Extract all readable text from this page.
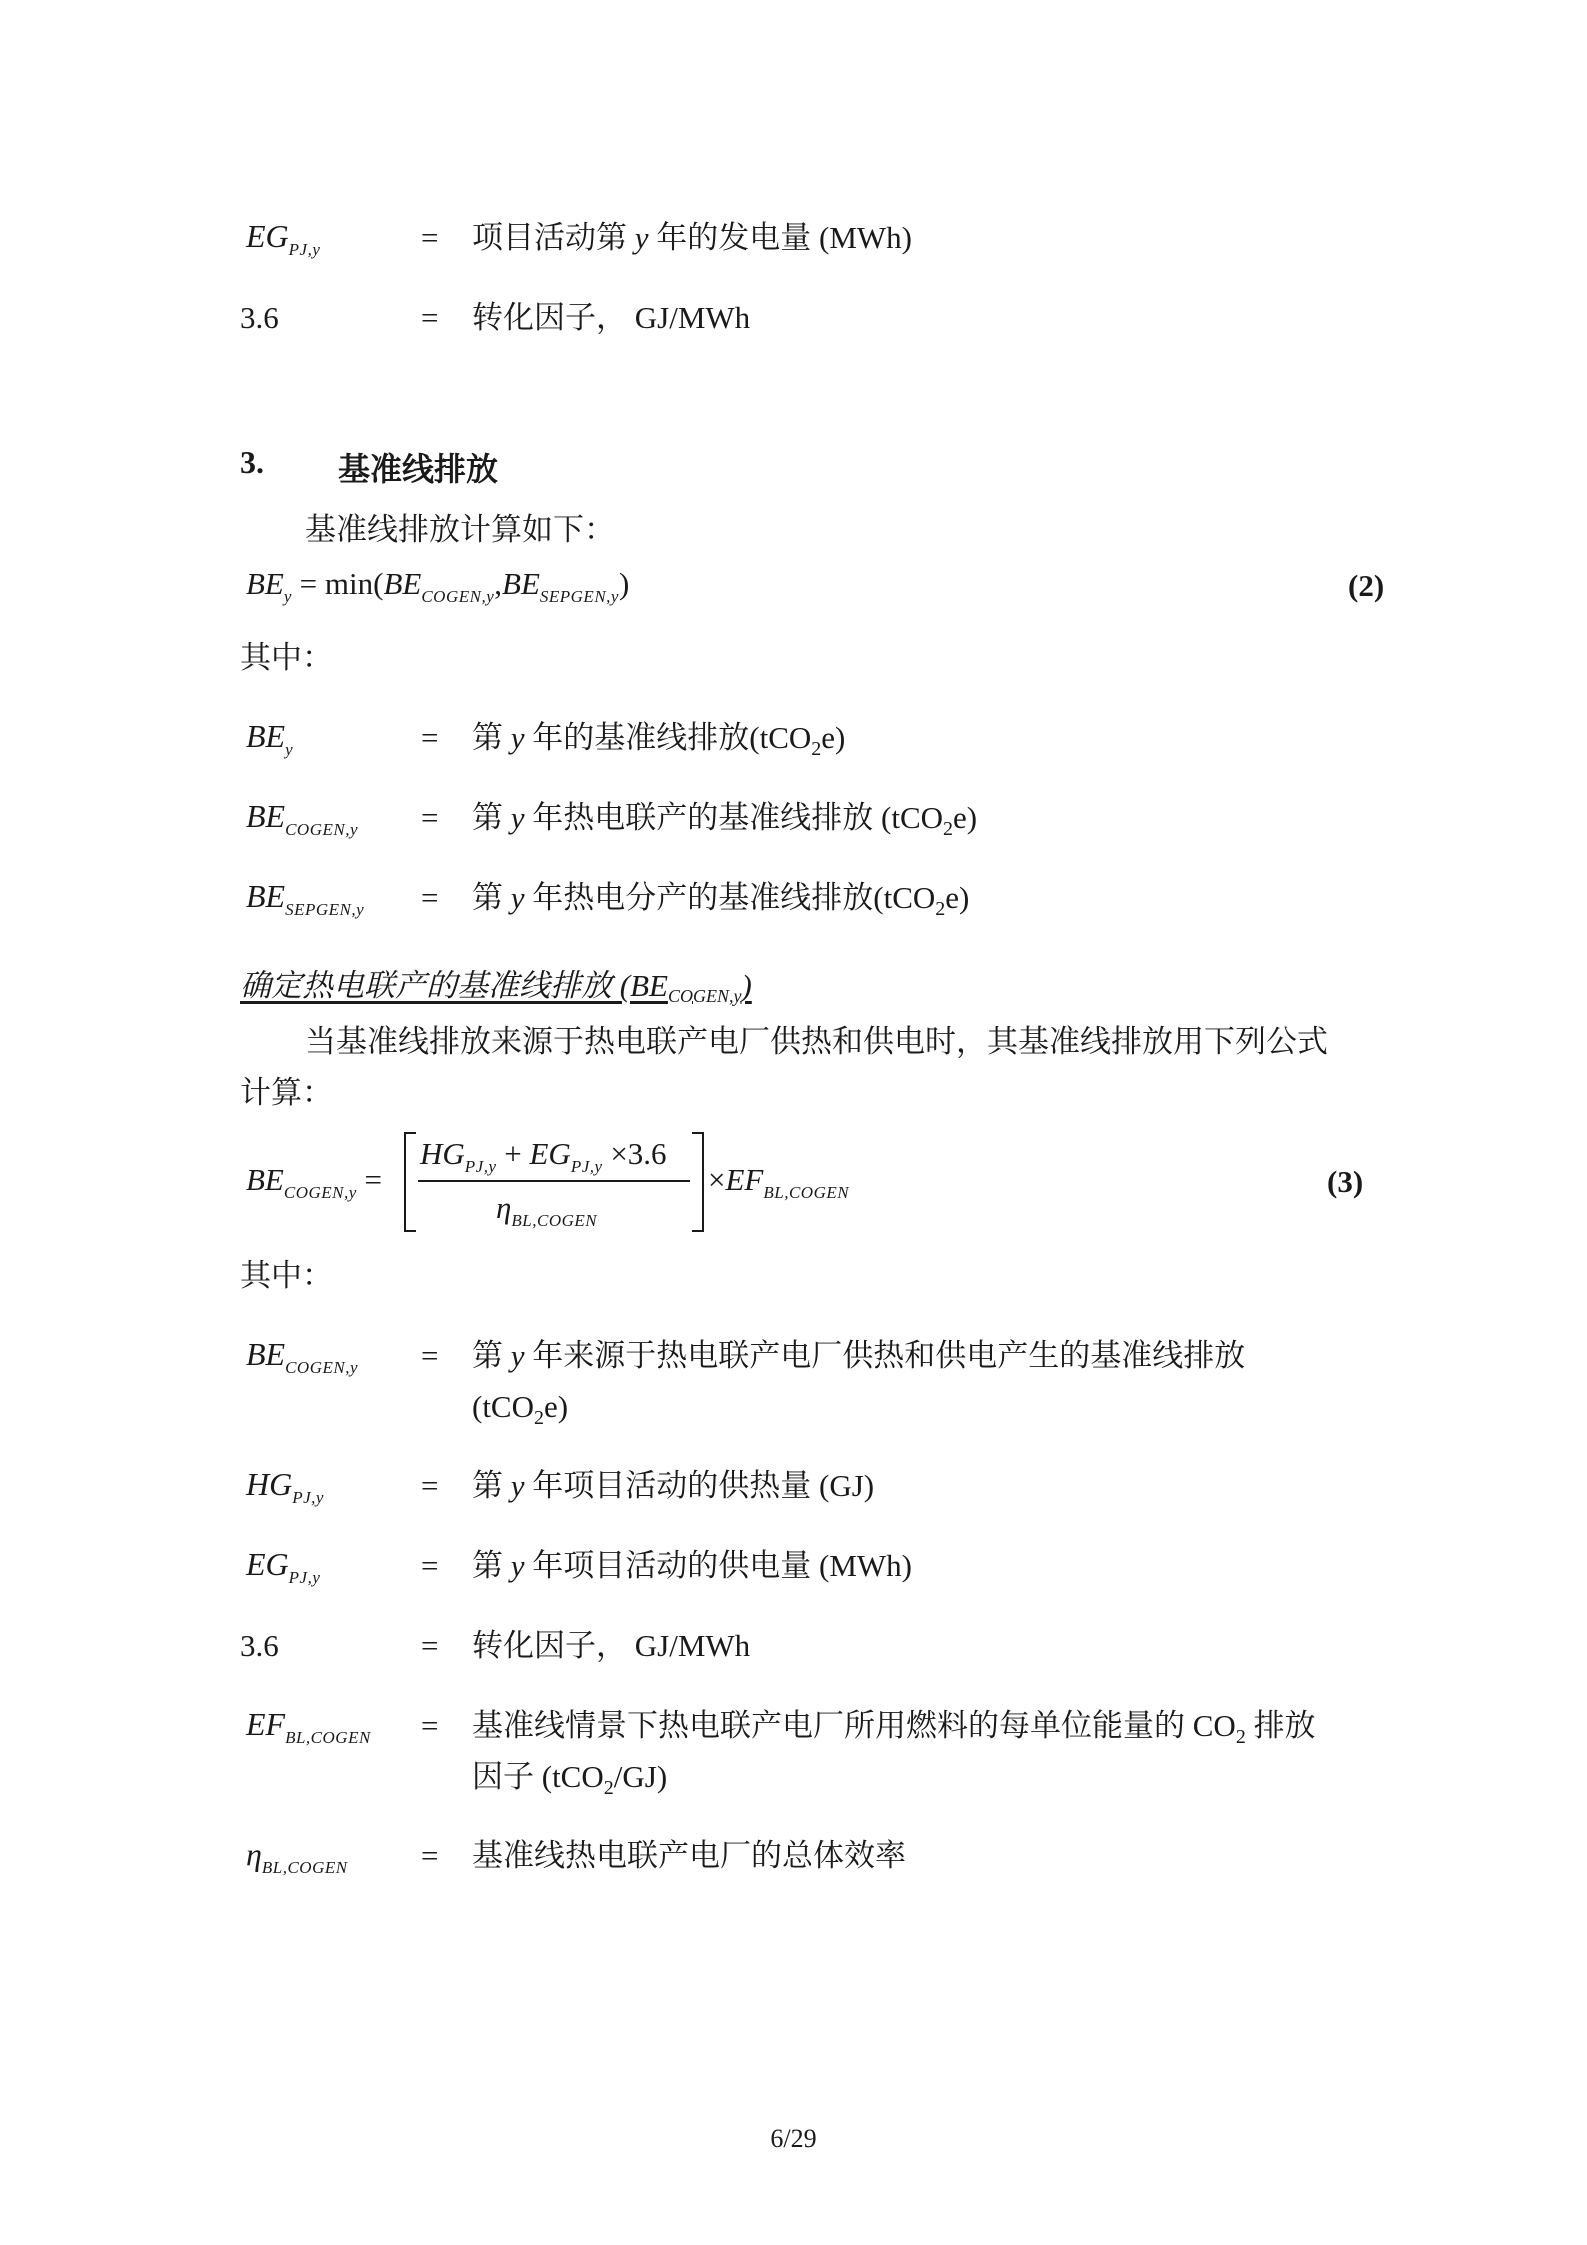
$EG_{PJ,y}$	= 项目活动第 y 年的发电量 (MWh)
3.6	= 转化因子， GJ/MWh
3. 基准线排放
基准线排放计算如下：
$BE_y = \min(BE_{COGEN,y},BE_{SEPGEN,y})$	(2)
其中：
$BE_y$	= 第 y 年的基准线排放(tCO$_2$e)
$BE_{COGEN,y}$ = 第 y 年热电联产的基准线排放 (tCO$_2$e)
$BE_{SEPGEN,y}$ = 第 y 年热电分产的基准线排放(tCO$_2$e)
确定热电联产的基准线排放 (BECOGEN,y)
当基准线排放来源于热电联产电厂供热和供电时，其基准线排放用下列公式
计算：
$BE_{COGEN,y}$ =
$HG_{PJ,y} + EG_{PJ,y} \times 3.6$
$\eta_{BL,COGEN}$
$\times EF_{BL,COGEN}$	(3)
其中：
$BE_{COGEN,y}$ = 第 y 年来源于热电联产电厂供热和供电产生的基准线排放
(tCO$_2$e)
$HG_{PJ,y}$	= 第 y 年项目活动的供热量 (GJ)
$EG_{PJ,y}$	= 第 y 年项目活动的供电量 (MWh)
3.6	= 转化因子， GJ/MWh
$EF_{BL,COGEN}$ = 基准线情景下热电联产电厂所用燃料的每单位能量的 $CO_2$ 排放
因子 (tCO$_2$/GJ)
$\eta_{BL,COGEN}$ = 基准线热电联产电厂的总体效率
6/29
